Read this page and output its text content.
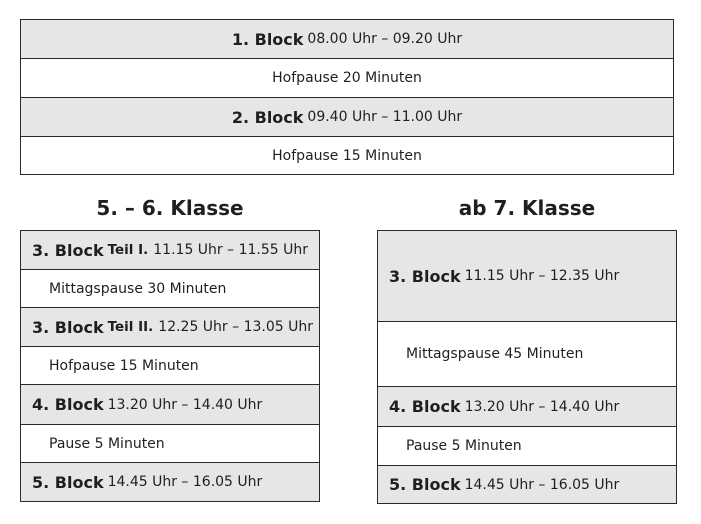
1. Block 08.00 Uhr – 09.20 Uhr
Hofpause 20 Minuten
2. Block 09.40 Uhr – 11.00 Uhr
Hofpause 15 Minuten
5. – 6. Klasse
3. Block Teil I. 11.15 Uhr – 11.55 Uhr
Mittagspause 30 Minuten
3. Block Teil II. 12.25 Uhr – 13.05 Uhr
Hofpause 15 Minuten
4. Block 13.20 Uhr – 14.40 Uhr
Pause 5 Minuten
5. Block 14.45 Uhr – 16.05 Uhr
ab 7. Klasse
3. Block 11.15 Uhr – 12.35 Uhr
Mittagspause 45 Minuten
4. Block 13.20 Uhr – 14.40 Uhr
Pause 5 Minuten
5. Block 14.45 Uhr – 16.05 Uhr
